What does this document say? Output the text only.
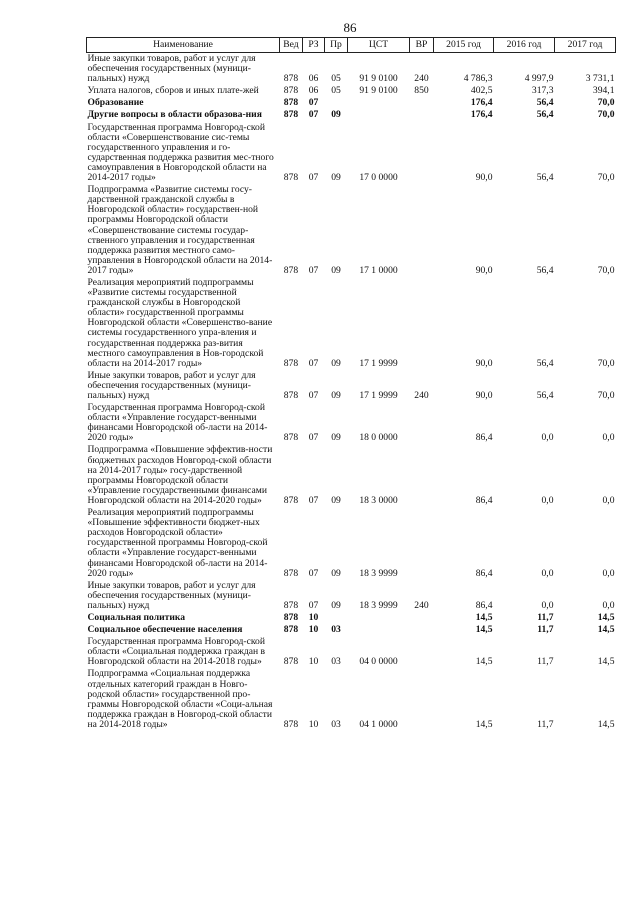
86
Наименование	Вед	РЗ	Пр	ЦСТ	ВР	2015 год	2016 год	2017 год
Иные закупки товаров, работ и услуг для обеспечения государственных (муници-пальных) нужд	878	06	05	91 9 0100	240	4 786,3	4 997,9	3 731,1
Уплата налогов, сборов и иных плате-жей	878	06	05	91 9 0100	850	402,5	317,3	394,1
Образование	878	07				176,4	56,4	70,0
Другие вопросы в области образова-ния	878	07	09			176,4	56,4	70,0
Государственная программа Новгород-ской области «Совершенствование сис-темы государственного управления и го-сударственная поддержка развития мес-тного самоуправления в Новгородской области на 2014-2017 годы»	878	07	09	17 0 0000		90,0	56,4	70,0
Подпрограмма «Развитие системы госу-дарственной гражданской службы в Новгородской области» государствен-ной программы Новгородской области «Совершенствование системы государ-ственного управления и государственная поддержка развития местного само-управления в Новгородской области на 2014-2017 годы»	878	07	09	17 1 0000		90,0	56,4	70,0
Реализация мероприятий подпрограммы «Развитие системы государственной гражданской службы в Новгородской области» государственной программы Новгородской области «Совершенство-вание системы государственного упра-вления и государственная поддержка раз-вития местного самоуправления в Нов-городской области на 2014-2017 годы»	878	07	09	17 1 9999		90,0	56,4	70,0
Иные закупки товаров, работ и услуг для обеспечения государственных (муници-пальных) нужд	878	07	09	17 1 9999	240	90,0	56,4	70,0
Государственная программа Новгород-ской области «Управление государст-венными финансами Новгородской об-ласти на 2014-2020 годы»	878	07	09	18 0 0000		86,4	0,0	0,0
Подпрограмма «Повышение эффектив-ности бюджетных расходов Новгород-ской области на 2014-2017 годы» госу-дарственной программы Новгородской области «Управление государственными финансами Новгородской области на 2014-2020 годы»	878	07	09	18 3 0000		86,4	0,0	0,0
Реализация мероприятий подпрограммы «Повышение эффективности бюджет-ных расходов Новгородской области» государственной программы Новгород-ской области «Управление государст-венными финансами Новгородской об-ласти на 2014-2020 годы»	878	07	09	18 3 9999		86,4	0,0	0,0
Иные закупки товаров, работ и услуг для обеспечения государственных (муници-пальных) нужд	878	07	09	18 3 9999	240	86,4	0,0	0,0
Социальная политика	878	10				14,5	11,7	14,5
Социальное обеспечение населения	878	10	03			14,5	11,7	14,5
Государственная программа Новгород-ской области «Социальная поддержка граждан в Новгородской области на 2014-2018 годы»	878	10	03	04 0 0000		14,5	11,7	14,5
Подпрограмма «Социальная поддержка отдельных категорий граждан в Новго-родской области» государственной про-граммы Новгородской области «Соци-альная поддержка граждан в Новгород-ской области на 2014-2018 годы»	878	10	03	04 1 0000		14,5	11,7	14,5
